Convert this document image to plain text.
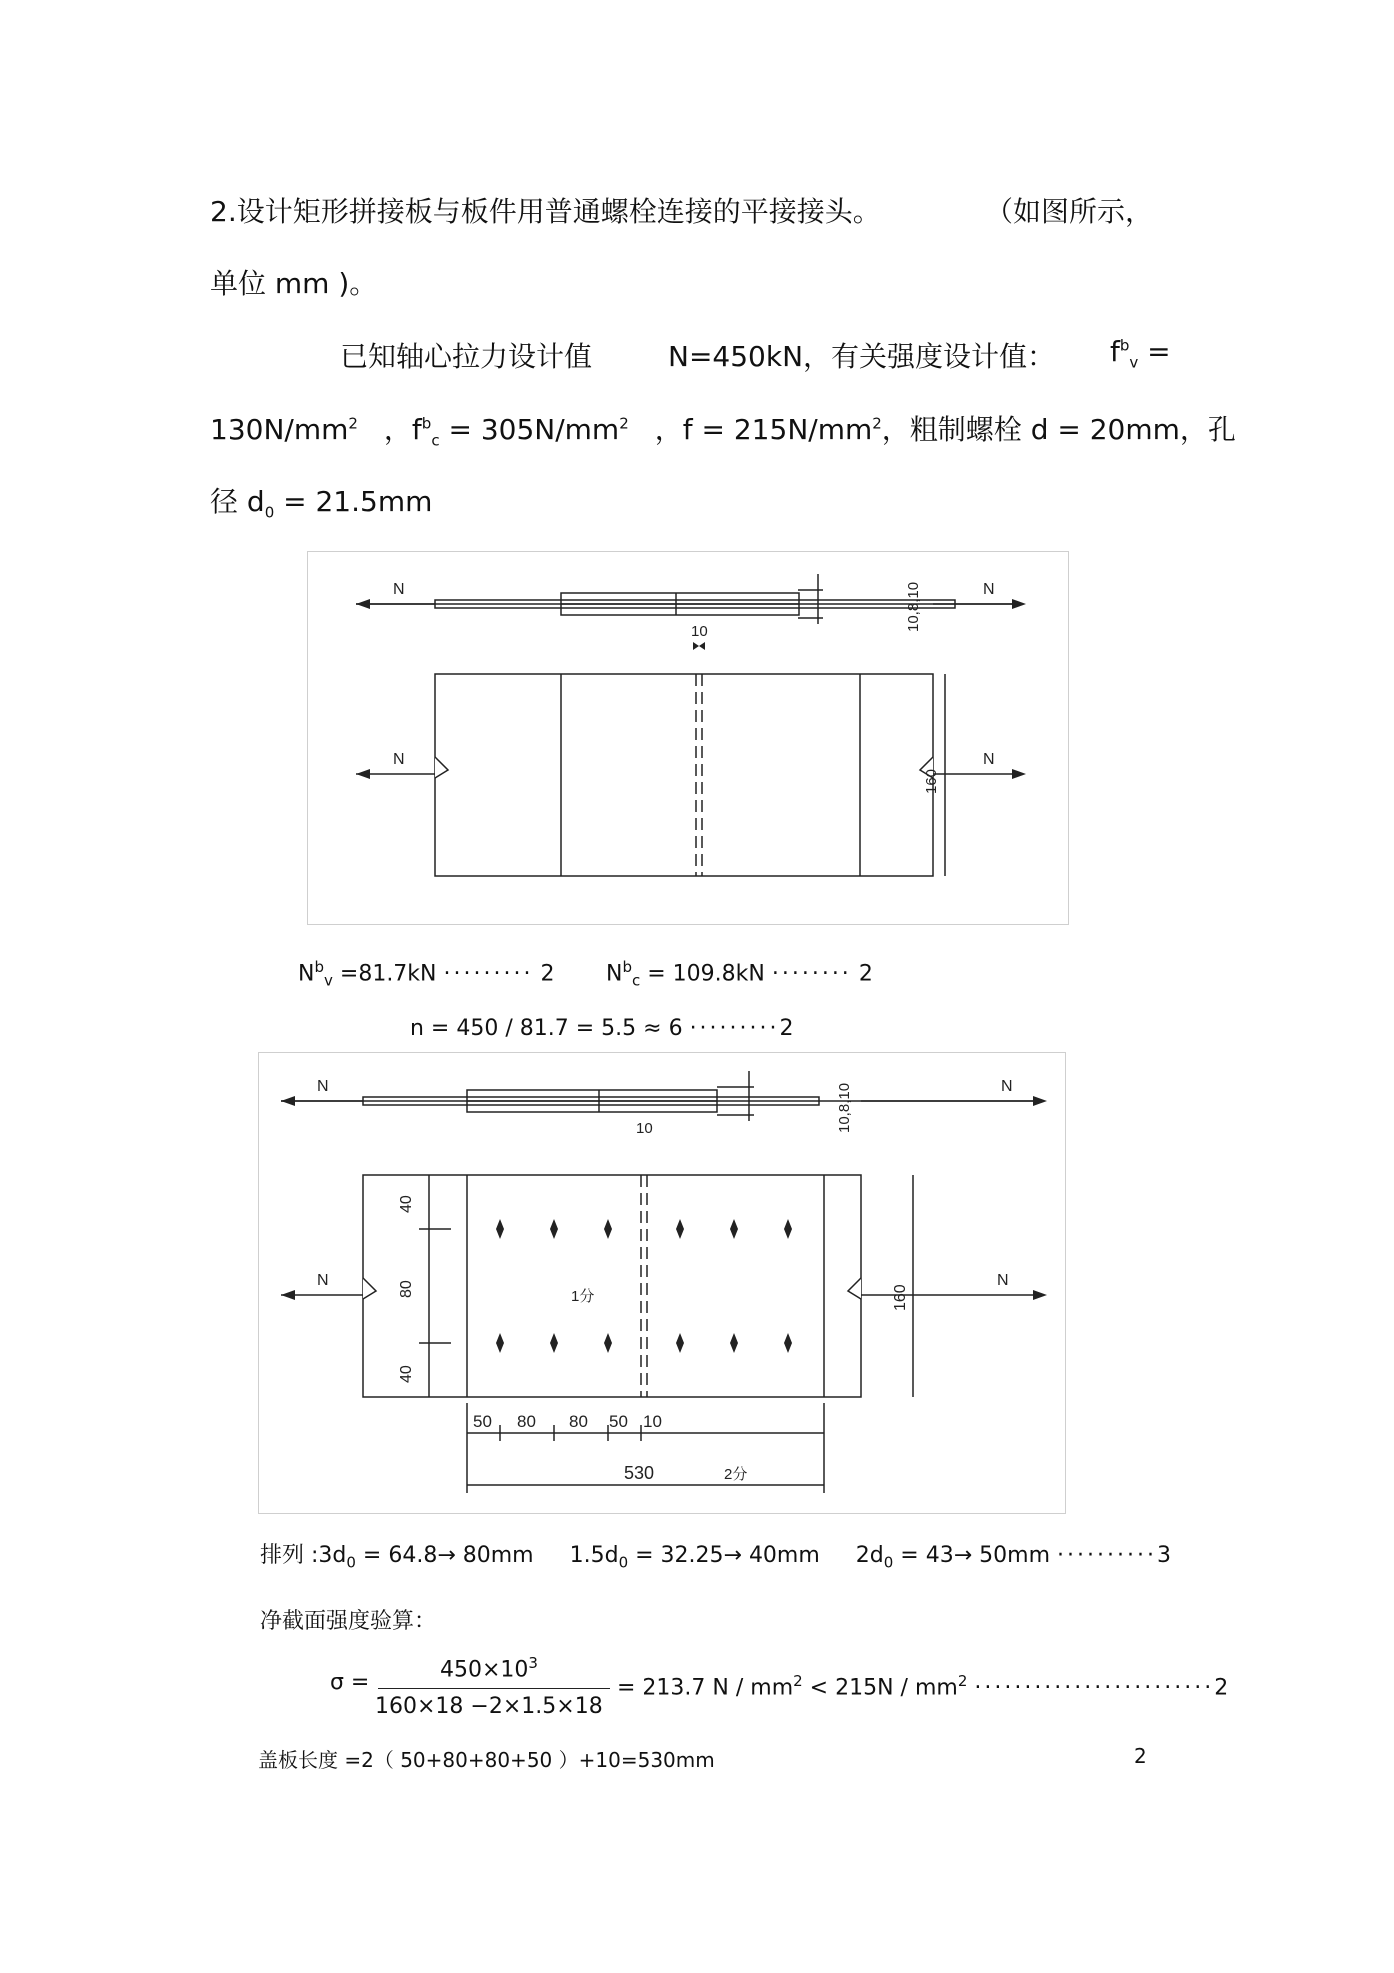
2.设计矩形拼接板与板件用普通螺栓连接的平接接头。	（如图所示，
单位 mm )。
已知轴心拉力设计值	N=450kN，有关强度设计值： $f^b_v$ =
$130N/mm^2$ ，$f^b_c = 305N/mm^2$ ，$f = 215N/mm^2$，粗制螺栓 d = 20mm，孔
径 $d_0 = 21.5mm$
N	N
N	N
10	10,8,10
160
$N^b_v =81.7kN$ ········· 2 $N^b_c = 109.8kN$ ········ 2
n = 450 / 81.7 = 5.5 ≈ 6 ·········2
N	N
N	N
10	10,8,10
40
80
40
160
1分
50 80 80 50 10
530	2分
排列 $:3d_0 = 64.8\to 80mm$ $1.5d_0 = 32.25\to 40mm$ $2d_0 = 43\to 50mm \cdot\cdot\cdot\cdot\cdot\cdot\cdot\cdot\cdot\cdot 3$
净截面强度验算：
σ =
$450\times 10^3$
160×18 −2×1.5×18
= 213.7 $N / mm^2 < 215N / mm^2 \cdot\cdot\cdot\cdot\cdot\cdot\cdot\cdot\cdot\cdot\cdot\cdot\cdot\cdot\cdot\cdot\cdot\cdot\cdot\cdot\cdot\cdot\cdot\cdot 2$
盖板长度 =2（ 50+80+80+50 ）+10=530mm	2
